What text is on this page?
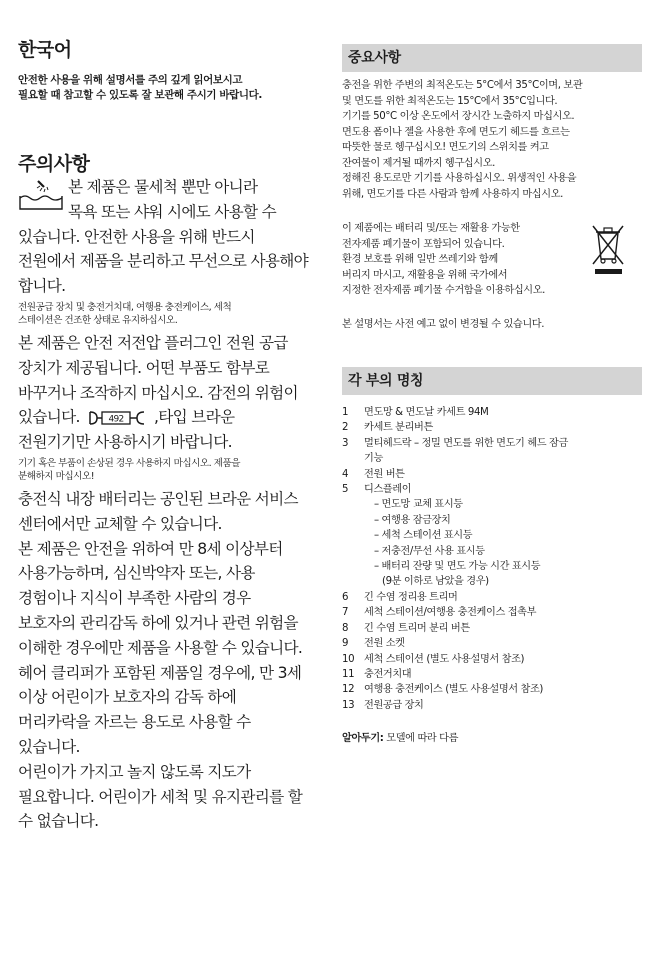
한국어
안전한 사용을 위해 설명서를 주의 깊게 읽어보시고
필요할 때 참고할 수 있도록 잘 보관해 주시기 바랍니다.
주의사항
본 제품은 물세척 뿐만 아니라
목욕 또는 샤워 시에도 사용할 수
있습니다. 안전한 사용을 위해 반드시
전원에서 제품을 분리하고 무선으로 사용해야
합니다.
전원공급 장치 및 충전거치대, 여행용 충전케이스, 세척
스테이션은 건조한 상태로 유지하십시오.
본 제품은 안전 저전압 플러그인 전원 공급
장치가 제공됩니다. 어떤 부품도 함부로
바꾸거나 조작하지 마십시오. 감전의 위험이
있습니다.	492 ,타입 브라운
전원기기만 사용하시기 바랍니다.
기기 혹은 부품이 손상된 경우 사용하지 마십시오. 제품을
분해하지 마십시오!
충전식 내장 배터리는 공인된 브라운 서비스
센터에서만 교체할 수 있습니다.
본 제품은 안전을 위하여 만 8세 이상부터
사용가능하며, 심신박약자 또는, 사용
경험이나 지식이 부족한 사람의 경우
보호자의 관리감독 하에 있거나 관련 위험을
이해한 경우에만 제품을 사용할 수 있습니다.
헤어 클리퍼가 포함된 제품일 경우에, 만 3세
이상 어린이가 보호자의 감독 하에
머리카락을 자르는 용도로 사용할 수
있습니다.
어린이가 가지고 놀지 않도록 지도가
필요합니다. 어린이가 세척 및 유지관리를 할
수 없습니다.
중요사항
충전을 위한 주변의 최적온도는 5°C에서 35°C이며, 보관
및 면도를 위한 최적온도는 15°C에서 35°C입니다.
기기를 50°C 이상 온도에서 장시간 노출하지 마십시오.
면도용 폼이나 젤을 사용한 후에 면도기 헤드를 흐르는
따뜻한 물로 헹구십시오! 면도기의 스위치를 켜고
잔여물이 제거될 때까지 헹구십시오.
정해진 용도로만 기기를 사용하십시오. 위생적인 사용을
위해, 면도기를 다른 사람과 함께 사용하지 마십시오.
이 제품에는 배터리 및/또는 재활용 가능한
전자제품 폐기물이 포함되어 있습니다.
환경 보호를 위해 일반 쓰레기와 함께
버리지 마시고, 재활용을 위해 국가에서
지정한 전자제품 폐기물 수거함을 이용하십시오.
본 설명서는 사전 예고 없이 변경될 수 있습니다.
각 부의 명칭
1 면도망 & 면도날 카세트 94M
2 카세트 분리버튼
3 멀티헤드락 – 정밀 면도를 위한 면도기 헤드 잠금
기능
4 전원 버튼
5 디스플레이
– 면도망 교체 표시등
– 여행용 잠금장치
– 세척 스테이션 표시등
– 저충전/무선 사용 표시등
– 배터리 잔량 및 면도 가능 시간 표시등
(9분 이하로 남았을 경우)
6 긴 수염 정리용 트리머
7 세척 스테이션/여행용 충전케이스 접촉부
8 긴 수염 트리머 분리 버튼
9 전원 소켓
10 세척 스테이션 (별도 사용설명서 참조)
11 충전거치대
12 여행용 충전케이스 (별도 사용설명서 참조)
13 전원공급 장치
알아두기: 모델에 따라 다름
